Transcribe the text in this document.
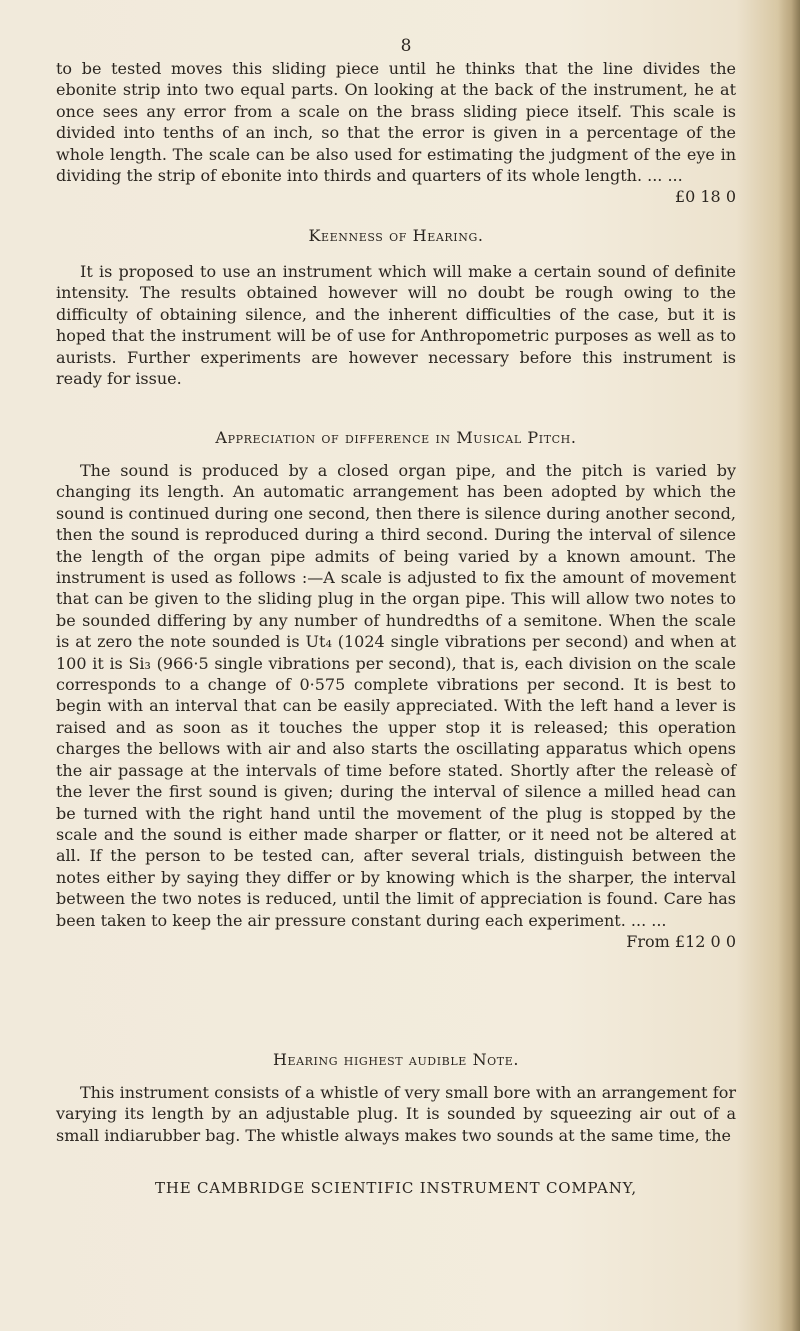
8

to be tested moves this sliding piece until he thinks that the line divides the ebonite strip into two equal parts. On looking at the back of the instrument, he at once sees any error from a scale on the brass sliding piece itself. This scale is divided into tenths of an inch, so that the error is given in a percentage of the whole length. The scale can be also used for estimating the judgment of the eye in dividing the strip of ebonite into thirds and quarters of its whole length. ... ...
£0 18 0

Keenness of Hearing.

It is proposed to use an instrument which will make a certain sound of definite intensity. The results obtained however will no doubt be rough owing to the difficulty of obtaining silence, and the inherent difficulties of the case, but it is hoped that the instrument will be of use for Anthropometric purposes as well as to aurists. Further experiments are however necessary before this instrument is ready for issue.

Appreciation of difference in Musical Pitch.

The sound is produced by a closed organ pipe, and the pitch is varied by changing its length. An automatic arrangement has been adopted by which the sound is continued during one second, then there is silence during another second, then the sound is reproduced during a third second. During the interval of silence the length of the organ pipe admits of being varied by a known amount. The instrument is used as follows :—A scale is adjusted to fix the amount of movement that can be given to the sliding plug in the organ pipe. This will allow two notes to be sounded differing by any number of hundredths of a semitone. When the scale is at zero the note sounded is Ut₄ (1024 single vibrations per second) and when at 100 it is Si₃ (966·5 single vibrations per second), that is, each division on the scale corresponds to a change of 0·575 complete vibrations per second. It is best to begin with an interval that can be easily appreciated. With the left hand a lever is raised and as soon as it touches the upper stop it is released; this operation charges the bellows with air and also starts the oscillating apparatus which opens the air passage at the intervals of time before stated. Shortly after the releasè of the lever the first sound is given; during the interval of silence a milled head can be turned with the right hand until the movement of the plug is stopped by the scale and the sound is either made sharper or flatter, or it need not be altered at all. If the person to be tested can, after several trials, distinguish between the notes either by saying they differ or by knowing which is the sharper, the interval between the two notes is reduced, until the limit of appreciation is found. Care has been taken to keep the air pressure constant during each experiment. ... ...
From £12 0 0

Hearing highest audible Note.

This instrument consists of a whistle of very small bore with an arrangement for varying its length by an adjustable plug. It is sounded by squeezing air out of a small indiarubber bag. The whistle always makes two sounds at the same time, the

THE CAMBRIDGE SCIENTIFIC INSTRUMENT COMPANY,
